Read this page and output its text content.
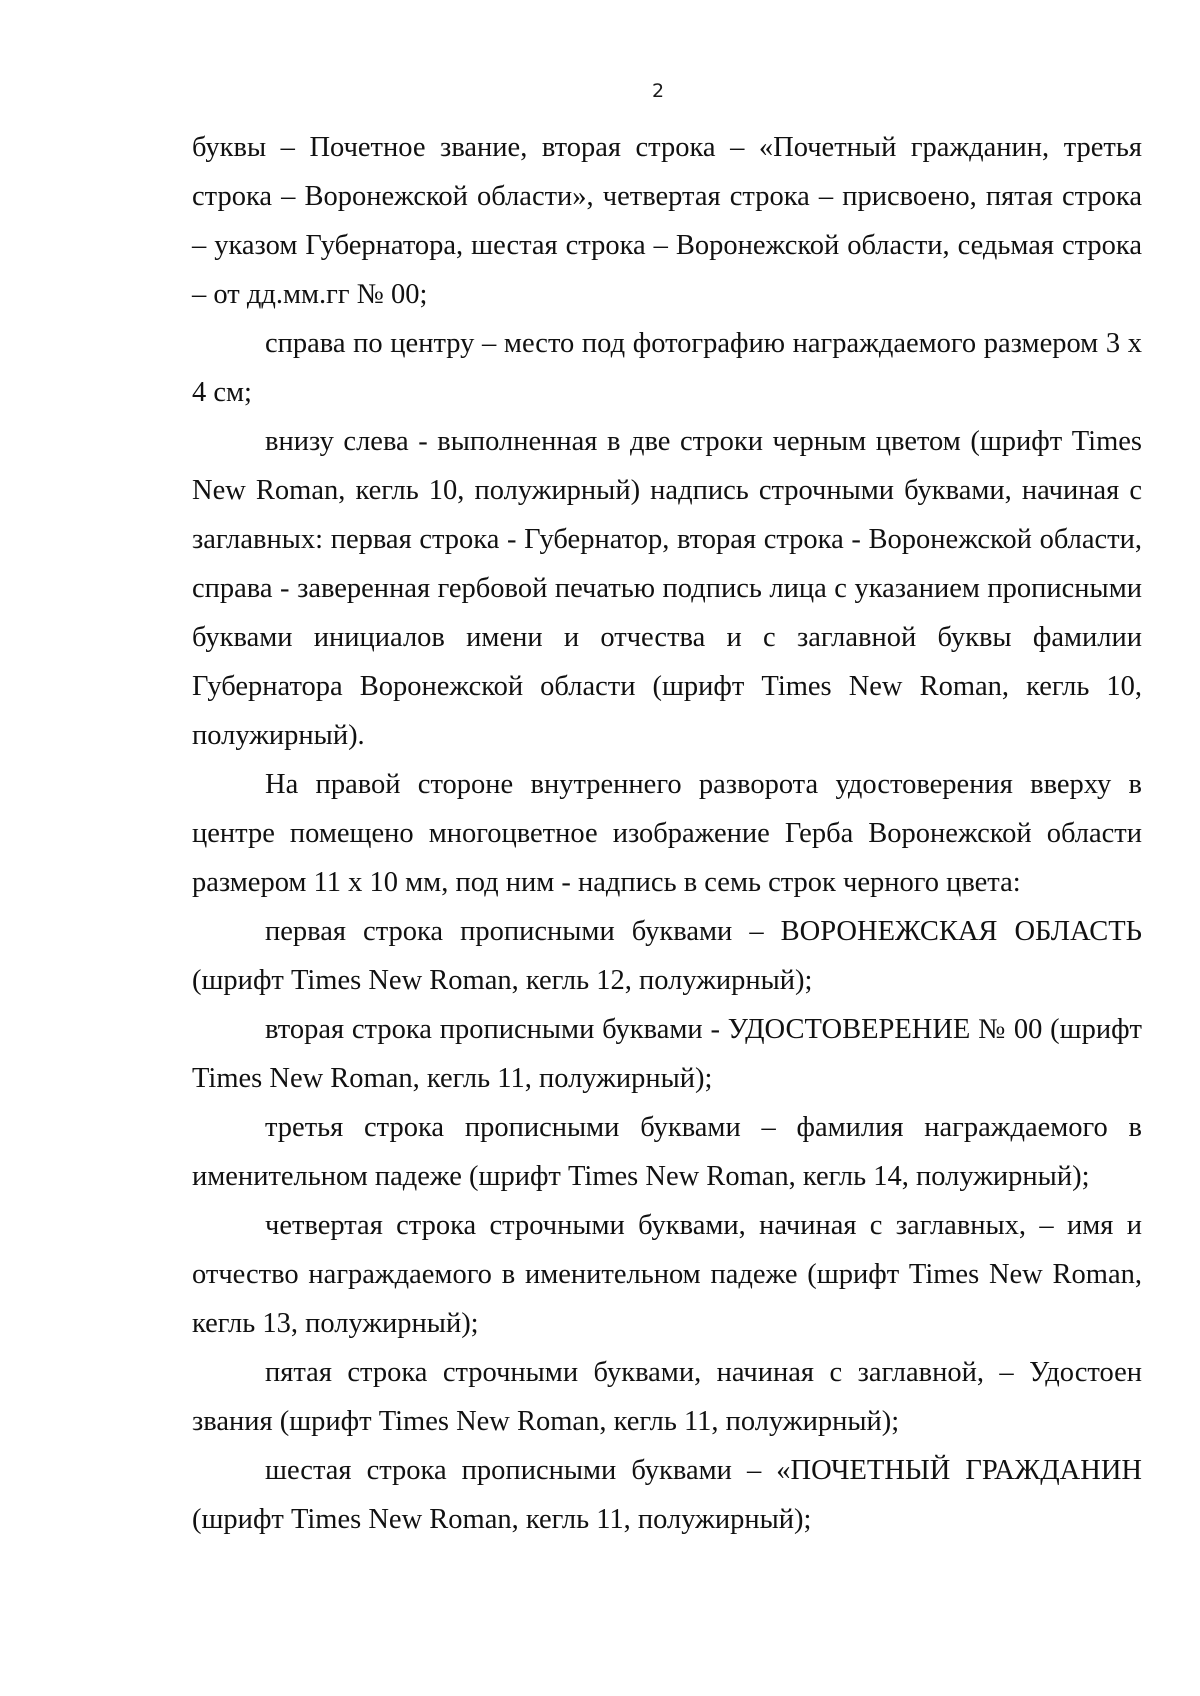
2

буквы – Почетное звание, вторая строка – «Почетный гражданин, третья строка – Воронежской области», четвертая строка – присвоено, пятая строка – указом Губернатора, шестая строка – Воронежской области, седьмая строка – от дд.мм.гг № 00;

справа по центру – место под фотографию награждаемого размером 3 х 4 см;

внизу слева - выполненная в две строки черным цветом (шрифт Times New Roman, кегль 10, полужирный) надпись строчными буквами, начиная с заглавных: первая строка - Губернатор, вторая строка - Воронежской области, справа - заверенная гербовой печатью подпись лица с указанием прописными буквами инициалов имени и отчества и с заглавной буквы фамилии Губернатора Воронежской области (шрифт Times New Roman, кегль 10, полужирный).

На правой стороне внутреннего разворота удостоверения вверху в центре помещено многоцветное изображение Герба Воронежской области размером 11 х 10 мм, под ним - надпись в семь строк черного цвета:

первая строка прописными буквами – ВОРОНЕЖСКАЯ ОБЛАСТЬ (шрифт Times New Roman, кегль 12, полужирный);

вторая строка прописными буквами - УДОСТОВЕРЕНИЕ № 00 (шрифт Times New Roman, кегль 11, полужирный);

третья строка прописными буквами – фамилия награждаемого в именительном падеже (шрифт Times New Roman, кегль 14, полужирный);

четвертая строка строчными буквами, начиная с заглавных, – имя и отчество награждаемого в именительном падеже (шрифт Times New Roman, кегль 13, полужирный);

пятая строка строчными буквами, начиная с заглавной, – Удостоен звания (шрифт Times New Roman, кегль 11, полужирный);

шестая строка прописными буквами – «ПОЧЕТНЫЙ ГРАЖДАНИН (шрифт Times New Roman, кегль 11, полужирный);
